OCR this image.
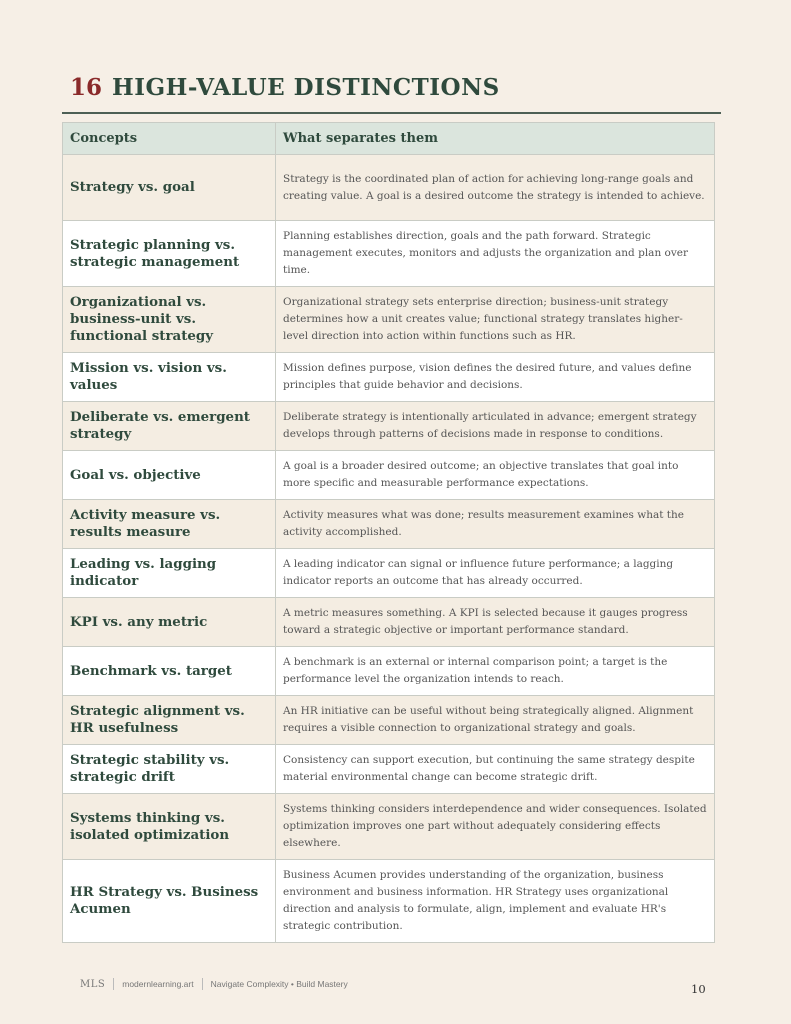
16 HIGH-VALUE DISTINCTIONS
Concepts	What separates them
Strategy vs. goal	Strategy is the coordinated plan of action for achieving long-range goals and creating value. A goal is a desired outcome the strategy is intended to achieve.
Strategic planning vs. strategic management	Planning establishes direction, goals and the path forward. Strategic management executes, monitors and adjusts the organization and plan over time.
Organizational vs. business-unit vs. functional strategy	Organizational strategy sets enterprise direction; business-unit strategy determines how a unit creates value; functional strategy translates higher-level direction into action within functions such as HR.
Mission vs. vision vs. values	Mission defines purpose, vision defines the desired future, and values define principles that guide behavior and decisions.
Deliberate vs. emergent strategy	Deliberate strategy is intentionally articulated in advance; emergent strategy develops through patterns of decisions made in response to conditions.
Goal vs. objective	A goal is a broader desired outcome; an objective translates that goal into more specific and measurable performance expectations.
Activity measure vs. results measure	Activity measures what was done; results measurement examines what the activity accomplished.
Leading vs. lagging indicator	A leading indicator can signal or influence future performance; a lagging indicator reports an outcome that has already occurred.
KPI vs. any metric	A metric measures something. A KPI is selected because it gauges progress toward a strategic objective or important performance standard.
Benchmark vs. target	A benchmark is an external or internal comparison point; a target is the performance level the organization intends to reach.
Strategic alignment vs. HR usefulness	An HR initiative can be useful without being strategically aligned. Alignment requires a visible connection to organizational strategy and goals.
Strategic stability vs. strategic drift	Consistency can support execution, but continuing the same strategy despite material environmental change can become strategic drift.
Systems thinking vs. isolated optimization	Systems thinking considers interdependence and wider consequences. Isolated optimization improves one part without adequately considering effects elsewhere.
HR Strategy vs. Business Acumen	Business Acumen provides understanding of the organization, business environment and business information. HR Strategy uses organizational direction and analysis to formulate, align, implement and evaluate HR's strategic contribution.
MLS modernlearning.art Navigate Complexity • Build Mastery	10
